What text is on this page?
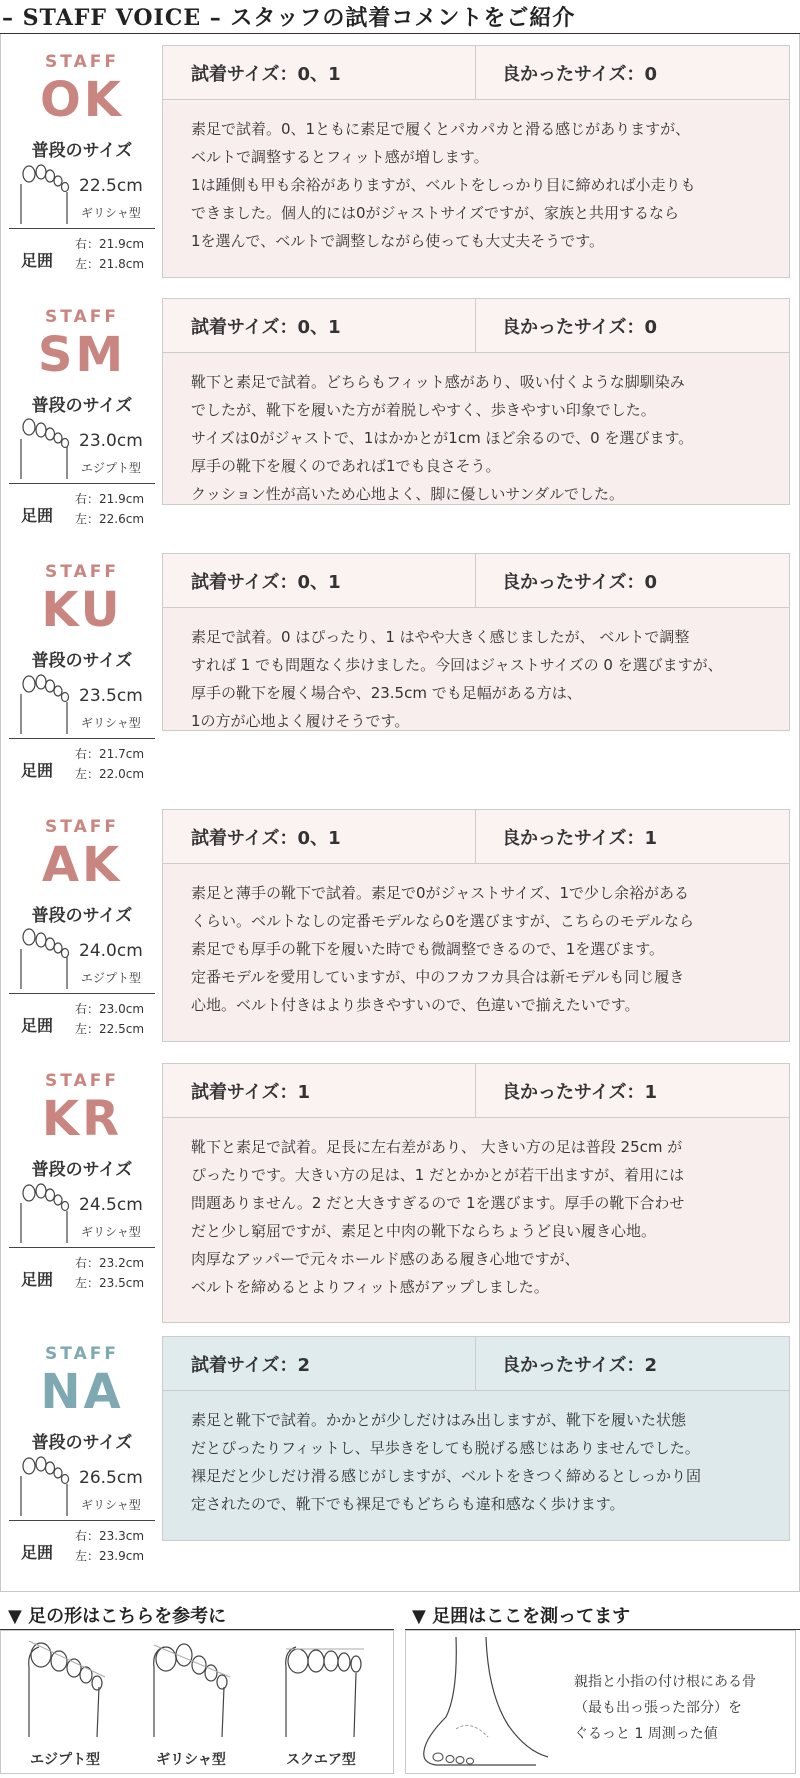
– STAFF VOICE – スタッフの試着コメントをご紹介
STAFF
OK
普段のサイズ
22.5cm
ギリシャ型
足囲
右：21.9cm
左：21.8cm
試着サイズ：0、1	良かったサイズ：0

素足で試着。0、1ともに素足で履くとパカパカと滑る感じがありますが、

ベルトで調整するとフィット感が増します。

1は踵側も甲も余裕がありますが、ベルトをしっかり目に締めれば小走りも

できました。個人的には0がジャストサイズですが、家族と共用するなら

1を選んで、ベルトで調整しながら使っても大丈夫そうです。

STAFF
SM
普段のサイズ
23.0cm
エジプト型
足囲
右：21.9cm
左：22.6cm
試着サイズ：0、1	良かったサイズ：0

靴下と素足で試着。どちらもフィット感があり、吸い付くような脚馴染み

でしたが、靴下を履いた方が着脱しやすく、歩きやすい印象でした。

サイズは0がジャストで、1はかかとが1cm ほど余るので、0 を選びます。

厚手の靴下を履くのであれば1でも良さそう。

クッション性が高いため心地よく、脚に優しいサンダルでした。

STAFF
KU
普段のサイズ
23.5cm
ギリシャ型
足囲
右：21.7cm
左：22.0cm
試着サイズ：0、1	良かったサイズ：0

素足で試着。0 はぴったり、1 はやや大きく感じましたが、 ベルトで調整

すれば 1 でも問題なく歩けました。今回はジャストサイズの 0 を選びますが、

厚手の靴下を履く場合や、23.5cm でも足幅がある方は、

1の方が心地よく履けそうです。

STAFF
AK
普段のサイズ
24.0cm
エジプト型
足囲
右：23.0cm
左：22.5cm
試着サイズ：0、1	良かったサイズ：1

素足と薄手の靴下で試着。素足で0がジャストサイズ、1で少し余裕がある

くらい。ベルトなしの定番モデルなら0を選びますが、こちらのモデルなら

素足でも厚手の靴下を履いた時でも微調整できるので、1を選びます。

定番モデルを愛用していますが、中のフカフカ具合は新モデルも同じ履き

心地。ベルト付きはより歩きやすいので、色違いで揃えたいです。

STAFF
KR
普段のサイズ
24.5cm
ギリシャ型
足囲
右：23.2cm
左：23.5cm
試着サイズ：1	良かったサイズ：1

靴下と素足で試着。足長に左右差があり、 大きい方の足は普段 25cm が

ぴったりです。大きい方の足は、1 だとかかとが若干出ますが、着用には

問題ありません。2 だと大きすぎるので 1を選びます。厚手の靴下合わせ

だと少し窮屈ですが、素足と中肉の靴下ならちょうど良い履き心地。

肉厚なアッパーで元々ホールド感のある履き心地ですが、

ベルトを締めるとよりフィット感がアップしました。

STAFF
NA
普段のサイズ
26.5cm
ギリシャ型
足囲
右：23.3cm
左：23.9cm
試着サイズ：2	良かったサイズ：2

素足と靴下で試着。かかとが少しだけはみ出しますが、靴下を履いた状態

だとぴったりフィットし、早歩きをしても脱げる感じはありませんでした。

裸足だと少しだけ滑る感じがしますが、ベルトをきつく締めるとしっかり固

定されたので、靴下でも裸足でもどちらも違和感なく歩けます。

▼ 足の形はこちらを参考に
エジプト型	ギリシャ型	スクエア型
▼ 足囲はここを測ってます
親指と小指の付け根にある骨
（最も出っ張った部分）を
ぐるっと 1 周測った値
